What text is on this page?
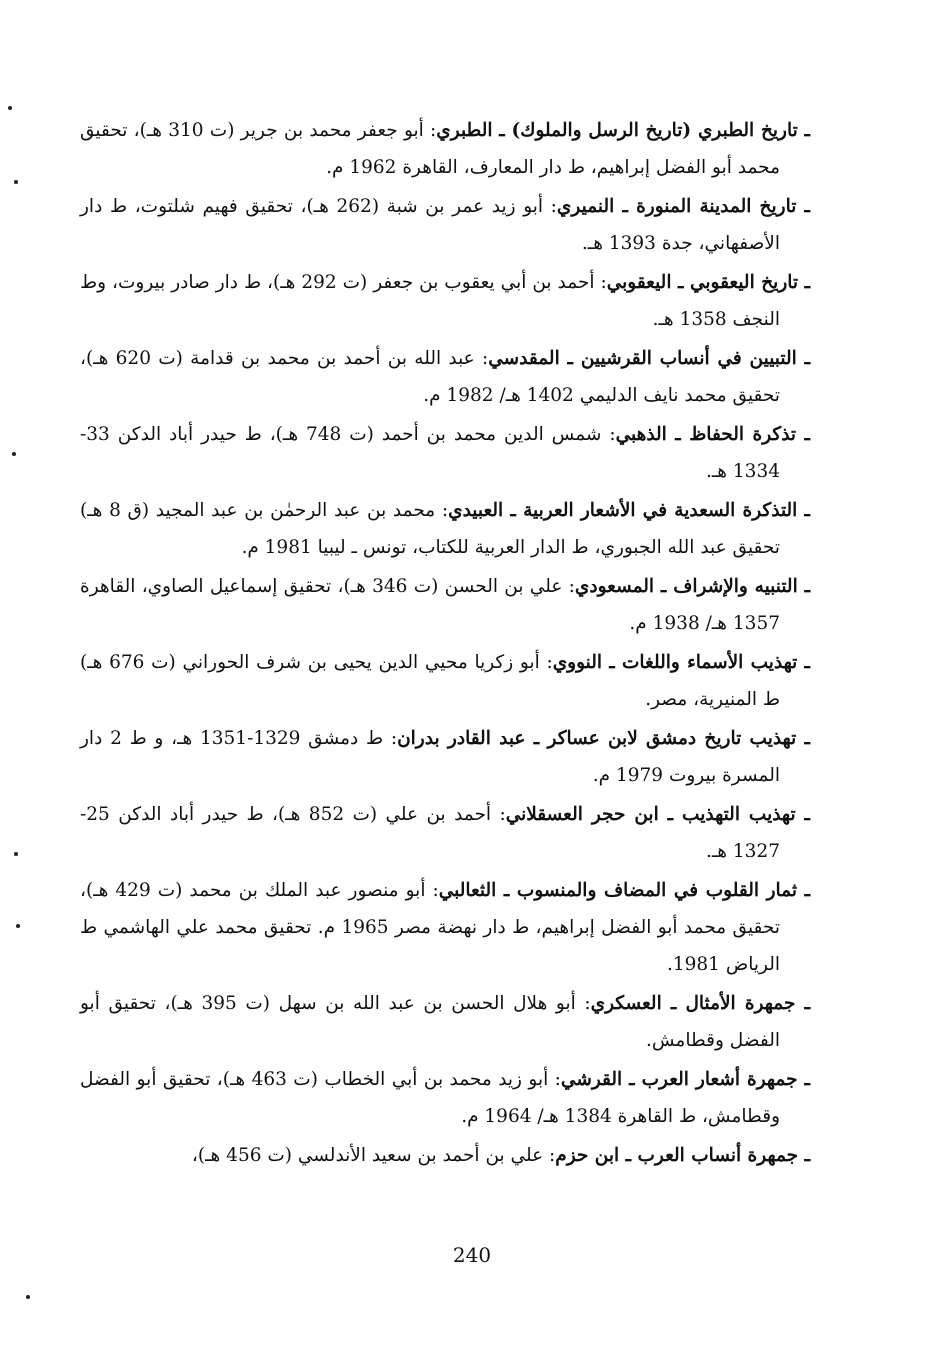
ـ تاريخ الطبري (تاريخ الرسل والملوك) ـ الطبري: أبو جعفر محمد بن جرير (ت 310 هـ)، تحقيق محمد أبو الفضل إبراهيم، ط دار المعارف، القاهرة 1962 م.
ـ تاريخ المدينة المنورة ـ النميري: أبو زيد عمر بن شبة (262 هـ)، تحقيق فهيم شلتوت، ط دار الأصفهاني، جدة 1393 هـ.
ـ تاريخ اليعقوبي ـ اليعقوبي: أحمد بن أبي يعقوب بن جعفر (ت 292 هـ)، ط دار صادر بيروت، وط النجف 1358 هـ.
ـ التبيين في أنساب القرشيين ـ المقدسي: عبد الله بن أحمد بن محمد بن قدامة (ت 620 هـ)، تحقيق محمد نايف الدليمي 1402 هـ/ 1982 م.
ـ تذكرة الحفاظ ـ الذهبي: شمس الدين محمد بن أحمد (ت 748 هـ)، ط حيدر أباد الدكن 33-1334 هـ.
ـ التذكرة السعدية في الأشعار العربية ـ العبيدي: محمد بن عبد الرحمٰن بن عبد المجيد (ق 8 هـ) تحقيق عبد الله الجبوري، ط الدار العربية للكتاب، تونس ـ ليبيا 1981 م.
ـ التنبيه والإشراف ـ المسعودي: علي بن الحسن (ت 346 هـ)، تحقيق إسماعيل الصاوي، القاهرة 1357 هـ/ 1938 م.
ـ تهذيب الأسماء واللغات ـ النووي: أبو زكريا محيي الدين يحيى بن شرف الحوراني (ت 676 هـ) ط المنيرية، مصر.
ـ تهذيب تاريخ دمشق لابن عساكر ـ عبد القادر بدران: ط دمشق 1329-1351 هـ، و ط 2 دار المسرة بيروت 1979 م.
ـ تهذيب التهذيب ـ ابن حجر العسقلاني: أحمد بن علي (ت 852 هـ)، ط حيدر أباد الدكن 25-1327 هـ.
ـ ثمار القلوب في المضاف والمنسوب ـ الثعالبي: أبو منصور عبد الملك بن محمد (ت 429 هـ)، تحقيق محمد أبو الفضل إبراهيم، ط دار نهضة مصر 1965 م. تحقيق محمد علي الهاشمي ط الرياض 1981.
ـ جمهرة الأمثال ـ العسكري: أبو هلال الحسن بن عبد الله بن سهل (ت 395 هـ)، تحقيق أبو الفضل وقطامش.
ـ جمهرة أشعار العرب ـ القرشي: أبو زيد محمد بن أبي الخطاب (ت 463 هـ)، تحقيق أبو الفضل وقطامش، ط القاهرة 1384 هـ/ 1964 م.
ـ جمهرة أنساب العرب ـ ابن حزم: علي بن أحمد بن سعيد الأندلسي (ت 456 هـ)،
240
